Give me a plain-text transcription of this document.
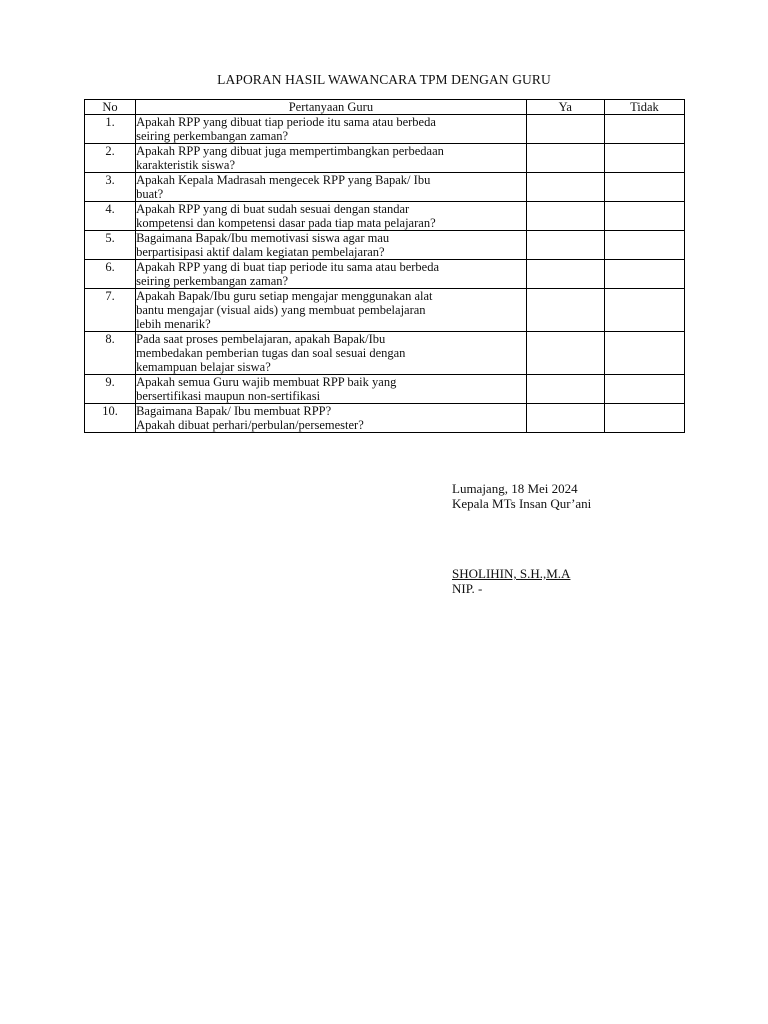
LAPORAN HASIL WAWANCARA TPM DENGAN GURU
No	Pertanyaan Guru	Ya	Tidak
1.	Apakah RPP yang dibuat tiap periode itu sama atau berbeda
seiring perkembangan zaman?		

2.	Apakah RPP yang dibuat juga mempertimbangkan perbedaan
karakteristik siswa?		

3.	Apakah Kepala Madrasah mengecek RPP yang Bapak/ Ibu
buat?		

4.	Apakah RPP yang di buat sudah sesuai dengan standar
kompetensi dan kompetensi dasar pada tiap mata pelajaran?		

5.	Bagaimana Bapak/Ibu memotivasi siswa agar mau
berpartisipasi aktif dalam kegiatan pembelajaran?		

6.	Apakah RPP yang di buat tiap periode itu sama atau berbeda
seiring perkembangan zaman?		

7.	Apakah Bapak/Ibu guru setiap mengajar menggunakan alat
bantu mengajar (visual aids) yang membuat pembelajaran
lebih menarik?		

8.	Pada saat proses pembelajaran, apakah Bapak/Ibu
membedakan pemberian tugas dan soal sesuai dengan
kemampuan belajar siswa?		

9.	Apakah semua Guru wajib membuat RPP baik yang
bersertifikasi maupun non-sertifikasi		

10.	Bagaimana Bapak/ Ibu membuat RPP?
Apakah dibuat perhari/perbulan/persemester?		

Lumajang, 18 Mei 2024
Kepala MTs Insan Qur’ani
SHOLIHIN, S.H.,M.A
NIP. -
